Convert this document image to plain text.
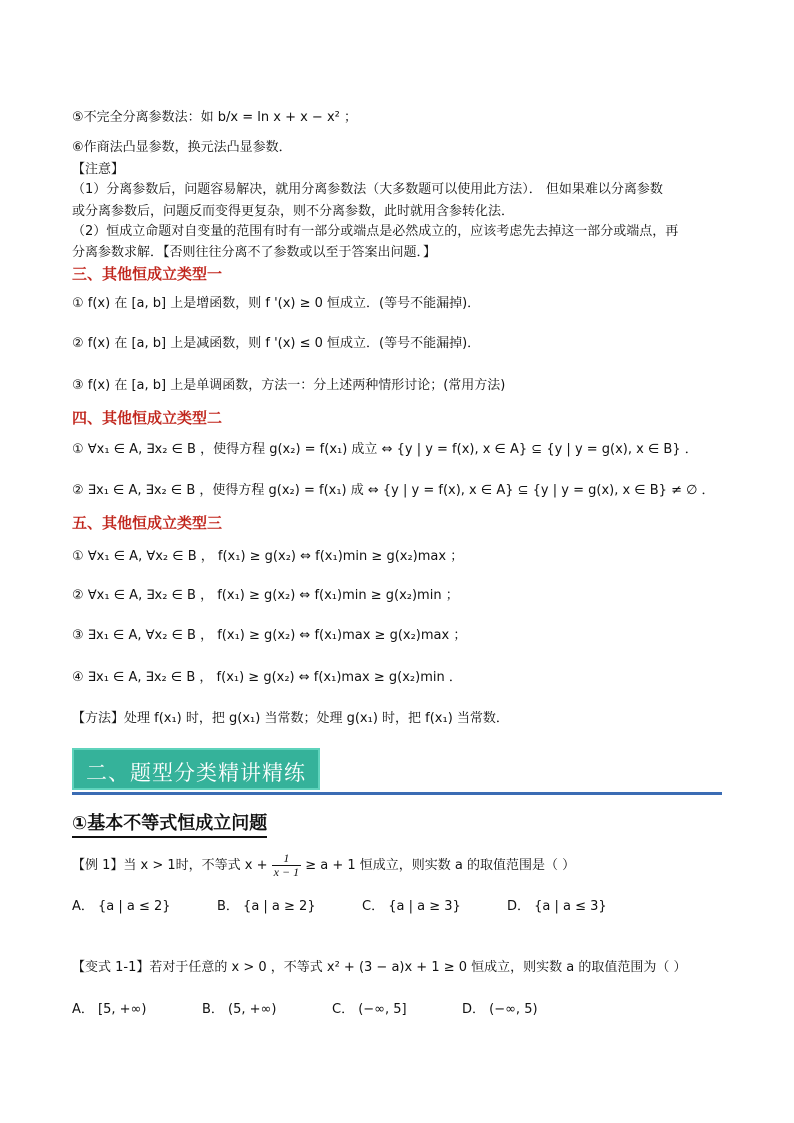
⑤不完全分离参数法：如 b/x = ln x + x − x² ；
⑥作商法凸显参数，换元法凸显参数．
【注意】
（1）分离参数后，问题容易解决，就用分离参数法（大多数题可以使用此方法）． 但如果难以分离参数
或分离参数后，问题反而变得更复杂，则不分离参数，此时就用含参转化法．
（2）恒成立命题对自变量的范围有时有一部分或端点是必然成立的，应该考虑先去掉这一部分或端点，再
分离参数求解．【否则往往分离不了参数或以至于答案出问题．】
三、其他恒成立类型一
① f(x) 在 [a, b] 上是增函数，则 f '(x) ≥ 0 恒成立．(等号不能漏掉)．
② f(x) 在 [a, b] 上是减函数，则 f '(x) ≤ 0 恒成立．(等号不能漏掉)．
③ f(x) 在 [a, b] 上是单调函数，方法一：分上述两种情形讨论；(常用方法)
四、其他恒成立类型二
① ∀x₁ ∈ A, ∃x₂ ∈ B ，使得方程 g(x₂) = f(x₁) 成立 ⇔ {y | y = f(x), x ∈ A} ⊆ {y | y = g(x), x ∈ B} ．
② ∃x₁ ∈ A, ∃x₂ ∈ B ，使得方程 g(x₂) = f(x₁) 成 ⇔ {y | y = f(x), x ∈ A} ⊆ {y | y = g(x), x ∈ B} ≠ ∅ ．
五、其他恒成立类型三
① ∀x₁ ∈ A, ∀x₂ ∈ B ， f(x₁) ≥ g(x₂) ⇔ f(x₁)min ≥ g(x₂)max ；
② ∀x₁ ∈ A, ∃x₂ ∈ B ， f(x₁) ≥ g(x₂) ⇔ f(x₁)min ≥ g(x₂)min ；
③ ∃x₁ ∈ A, ∀x₂ ∈ B ， f(x₁) ≥ g(x₂) ⇔ f(x₁)max ≥ g(x₂)max ；
④ ∃x₁ ∈ A, ∃x₂ ∈ B ， f(x₁) ≥ g(x₂) ⇔ f(x₁)max ≥ g(x₂)min ．
【方法】处理 f(x₁) 时，把 g(x₁) 当常数；处理 g(x₁) 时，把 f(x₁) 当常数．
二、题型分类精讲精练
①基本不等式恒成立问题
【例 1】当 x > 1时，不等式 $x + \frac{1}{x - 1} \ge a + 1$ 恒成立，则实数 a 的取值范围是（ ）
A． {a | a ≤ 2}	B． {a | a ≥ 2}	C． {a | a ≥ 3}	D． {a | a ≤ 3}
【变式 1-1】若对于任意的 x > 0 ，不等式 x² + (3 − a)x + 1 ≥ 0 恒成立，则实数 a 的取值范围为（ ）
A． [5, +∞)	B． (5, +∞)	C． (−∞, 5]	D． (−∞, 5)
